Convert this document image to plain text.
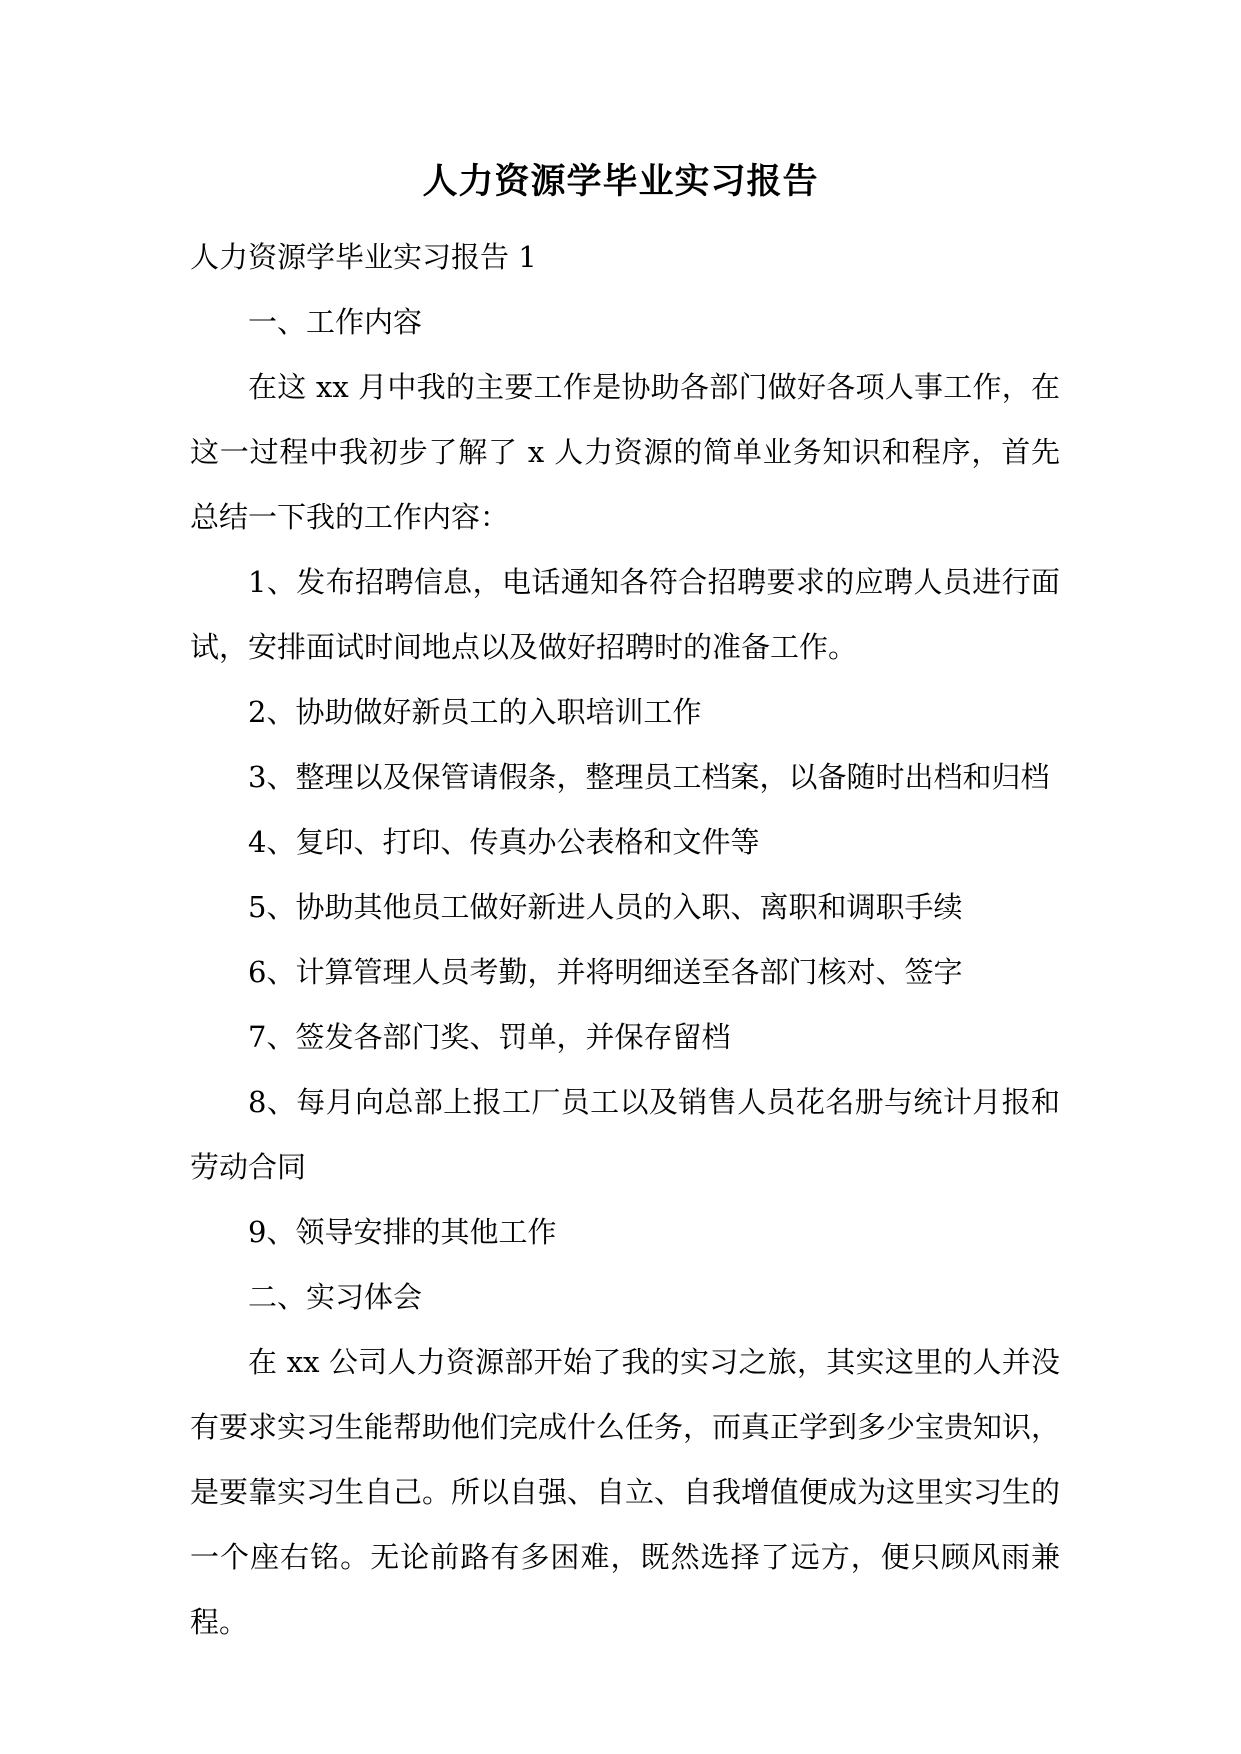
人力资源学毕业实习报告

人力资源学毕业实习报告 1

一、工作内容

在这 xx 月中我的主要工作是协助各部门做好各项人事工作，在这一过程中我初步了解了 x 人力资源的简单业务知识和程序，首先总结一下我的工作内容：

1、发布招聘信息，电话通知各符合招聘要求的应聘人员进行面试，安排面试时间地点以及做好招聘时的准备工作。

2、协助做好新员工的入职培训工作

3、整理以及保管请假条，整理员工档案，以备随时出档和归档

4、复印、打印、传真办公表格和文件等

5、协助其他员工做好新进人员的入职、离职和调职手续

6、计算管理人员考勤，并将明细送至各部门核对、签字

7、签发各部门奖、罚单，并保存留档

8、每月向总部上报工厂员工以及销售人员花名册与统计月报和劳动合同

9、领导安排的其他工作

二、实习体会

在 xx 公司人力资源部开始了我的实习之旅，其实这里的人并没有要求实习生能帮助他们完成什么任务，而真正学到多少宝贵知识，是要靠实习生自己。所以自强、自立、自我增值便成为这里实习生的一个座右铭。无论前路有多困难，既然选择了远方，便只顾风雨兼程。
